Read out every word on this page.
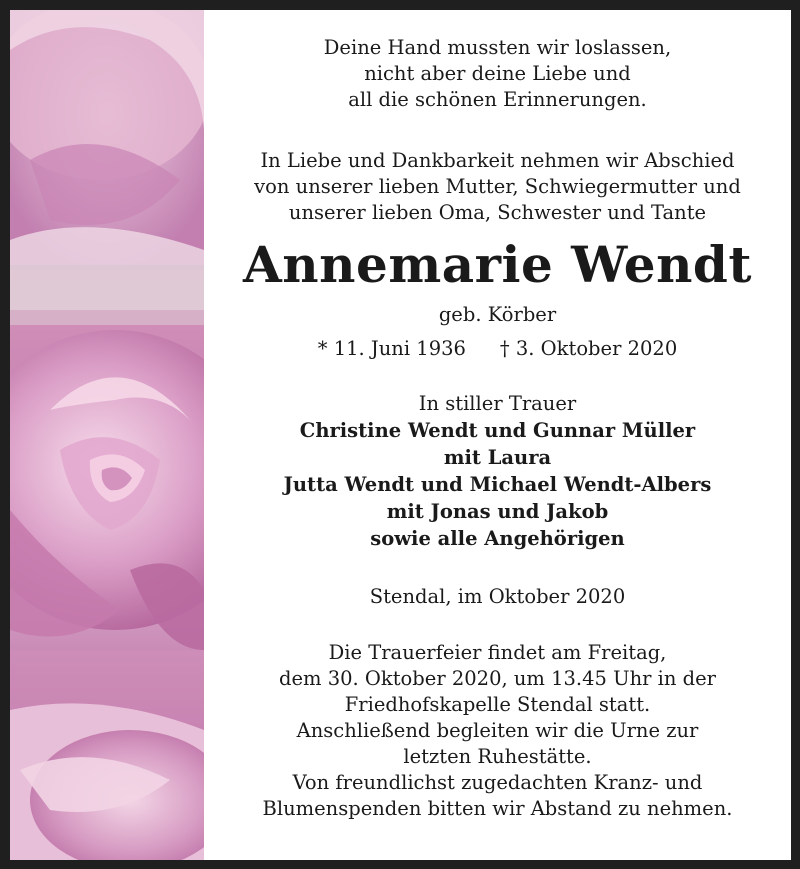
Deine Hand mussten wir loslassen,
nicht aber deine Liebe und
all die schönen Erinnerungen.
In Liebe und Dankbarkeit nehmen wir Abschied
von unserer lieben Mutter, Schwiegermutter und
unserer lieben Oma, Schwester und Tante
Annemarie Wendt
geb. Körber
* 11. Juni 1936 † 3. Oktober 2020
In stiller Trauer
Christine Wendt und Gunnar Müller
mit Laura
Jutta Wendt und Michael Wendt-Albers
mit Jonas und Jakob
sowie alle Angehörigen
Stendal, im Oktober 2020
Die Trauerfeier findet am Freitag,
dem 30. Oktober 2020, um 13.45 Uhr in der
Friedhofskapelle Stendal statt.
Anschließend begleiten wir die Urne zur
letzten Ruhestätte.
Von freundlichst zugedachten Kranz- und
Blumenspenden bitten wir Abstand zu nehmen.
